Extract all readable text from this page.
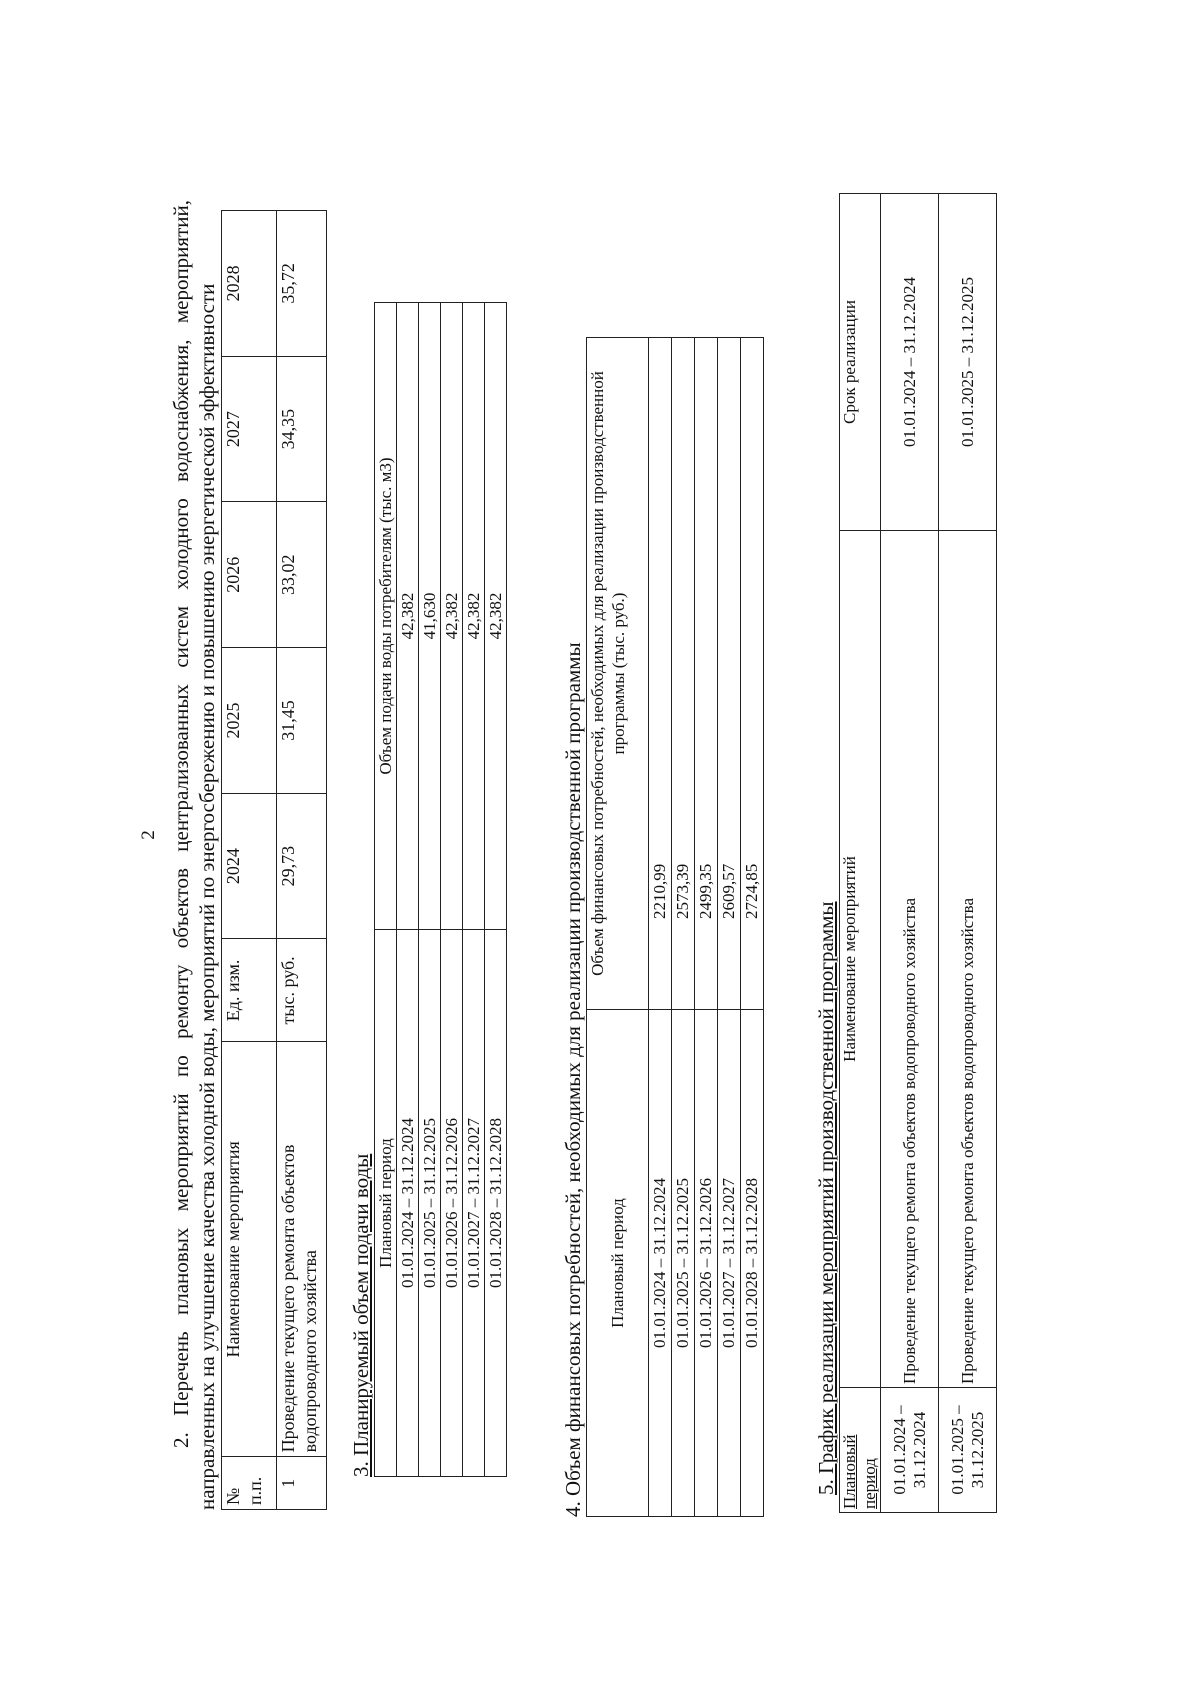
2 2. Перечень плановых мероприятий по ремонту объектов централизованных систем холодного водоснабжения, мероприятий, направленных на улучшение качества холодной воды, мероприятий по энергосбережению и повышению энергетической эффективности № п.п.	Наименование мероприятия	Ед. изм.	2024	2025	2026	2027	2028
1	Проведение текущего ремонта объектов водопроводного хозяйства	тыс. руб.	29,73	31,45	33,02	34,35	35,72
3. Планируемый объем подачи воды Плановый период	Объем подачи воды потребителям (тыс. м3)
01.01.2024 – 31.12.2024	42,382
01.01.2025 – 31.12.2025	41,630
01.01.2026 – 31.12.2026	42,382
01.01.2027 – 31.12.2027	42,382
01.01.2028 – 31.12.2028	42,382
4. Объем финансовых потребностей, необходимых для реализации производственной программы Плановый период	Объем финансовых потребностей, необходимых для реализации производственной программы (тыс. руб.)
01.01.2024 – 31.12.2024	2210,99
01.01.2025 – 31.12.2025	2573,39
01.01.2026 – 31.12.2026	2499,35
01.01.2027 – 31.12.2027	2609,57
01.01.2028 – 31.12.2028	2724,85
5. График реализации мероприятий производственной программы Плановый период	Наименование мероприятий	Срок реализации
01.01.2024 – 31.12.2024	Проведение текущего ремонта объектов водопроводного хозяйства	01.01.2024 – 31.12.2024
01.01.2025 – 31.12.2025	Проведение текущего ремонта объектов водопроводного хозяйства	01.01.2025 – 31.12.2025
